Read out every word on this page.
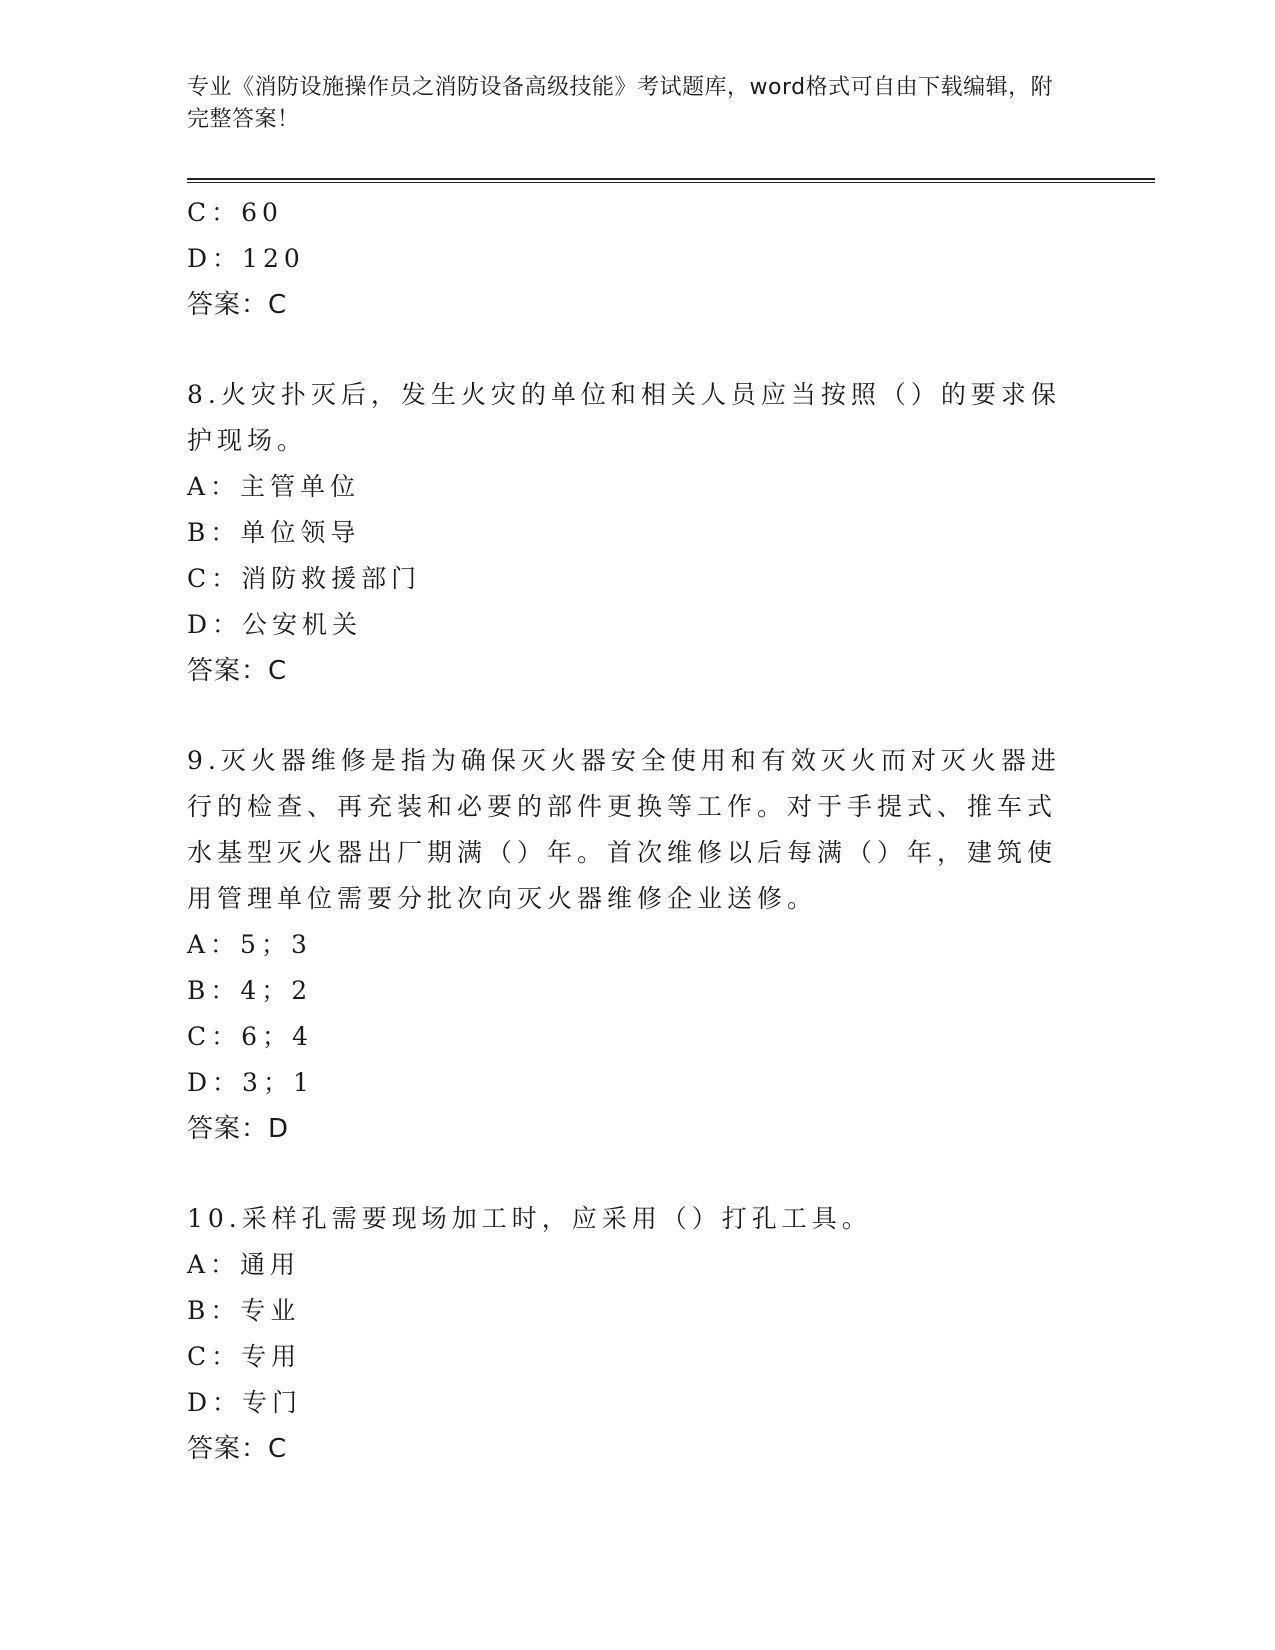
专业《消防设施操作员之消防设备高级技能》考试题库，word格式可自由下载编辑，附完整答案！
C：60
D：120
答案：C
8.火灾扑灭后，发生火灾的单位和相关人员应当按照（）的要求保护现场。
A：主管单位
B：单位领导
C：消防救援部门
D：公安机关
答案：C
9.灭火器维修是指为确保灭火器安全使用和有效灭火而对灭火器进行的检查、再充装和必要的部件更换等工作。对于手提式、推车式水基型灭火器出厂期满（）年。首次维修以后每满（）年，建筑使用管理单位需要分批次向灭火器维修企业送修。
A：5；3
B：4；2
C：6；4
D：3；1
答案：D
10.采样孔需要现场加工时，应采用（）打孔工具。
A：通用
B：专业
C：专用
D：专门
答案：C
